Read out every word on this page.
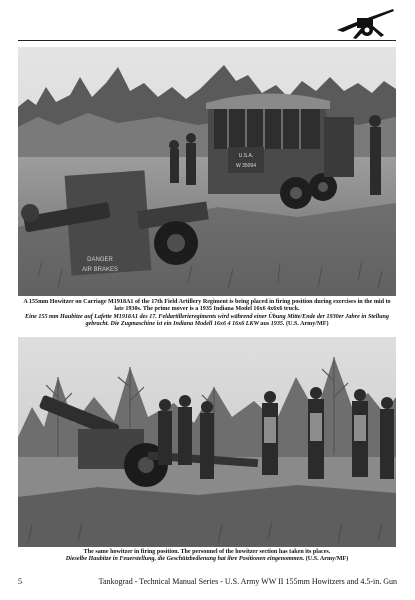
U.S.A.
W 35094
DANGER
AIR BRAKES
A 155mm Howitzer on Carriage M1918A1 of the 17th Field Artillery Regiment is being placed in firing position during exercises in the mid to late 1930s. The prime mover is a 1935 Indiana Model 16x6 4x6x6 truck.
Eine 155 mm Haubitze auf Lafette M1918A1 des 17. Feldartillerieregiments wird während einer Übung Mitte/Ende der 1930er Jahre in Stellung gebracht. Die Zugmaschine ist ein Indiana Modell 16x6 4 16x6 LKW aus 1935. (U.S. Army/MF)
The same howitzer in firing position. The personnel of the howitzer section has taken its places.
Dieselbe Haubitze in Feuerstellung, die Geschützbedienung hat ihre Positionen eingenommen. (U.S. Army/MF)
5	Tankograd - Technical Manual Series - U.S. Army WW II 155mm Howitzers and 4.5-in. Gun
